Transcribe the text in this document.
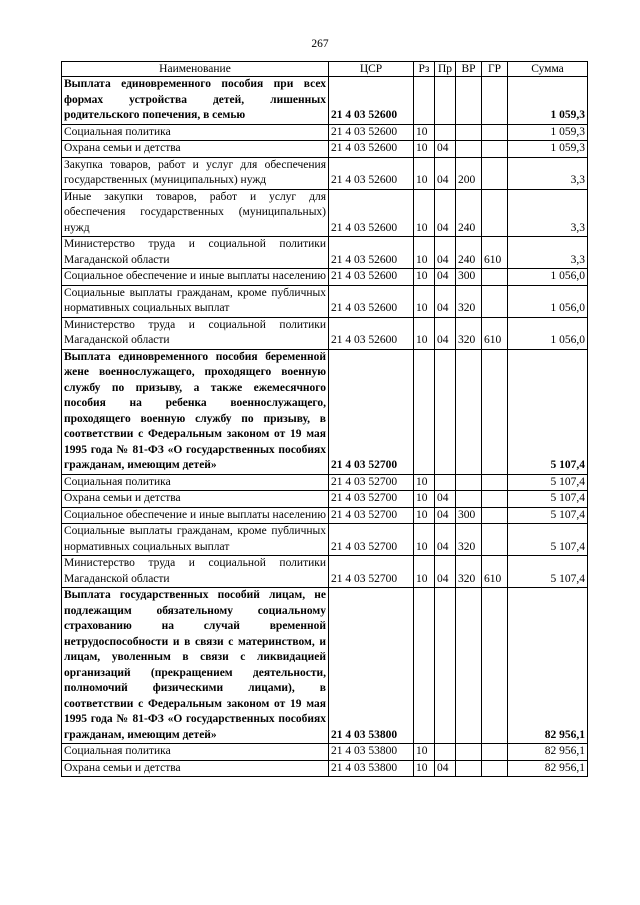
267
Наименование	ЦСР	Рз	Пр	ВР	ГР	Сумма
Выплата единовременного пособия при всех формах устройства детей, лишенных родительского попечения, в семью	21 4 03 52600					1 059,3
Социальная политика	21 4 03 52600	10				1 059,3
Охрана семьи и детства	21 4 03 52600	10	04			1 059,3
Закупка товаров, работ и услуг для обеспечения государственных (муниципальных) нужд	21 4 03 52600	10	04	200		3,3
Иные закупки товаров, работ и услуг для обеспечения государственных (муниципальных) нужд	21 4 03 52600	10	04	240		3,3
Министерство труда и социальной политики Магаданской области	21 4 03 52600	10	04	240	610	3,3
Социальное обеспечение и иные выплаты населению	21 4 03 52600	10	04	300		1 056,0
Социальные выплаты гражданам, кроме публичных нормативных социальных выплат	21 4 03 52600	10	04	320		1 056,0
Министерство труда и социальной политики Магаданской области	21 4 03 52600	10	04	320	610	1 056,0
Выплата единовременного пособия беременной жене военнослужащего, проходящего военную службу по призыву, а также ежемесячного пособия на ребенка военнослужащего, проходящего военную службу по призыву, в соответствии с Федеральным законом от 19 мая 1995 года № 81-ФЗ «О государственных пособиях гражданам, имеющим детей»	21 4 03 52700					5 107,4
Социальная политика	21 4 03 52700	10				5 107,4
Охрана семьи и детства	21 4 03 52700	10	04			5 107,4
Социальное обеспечение и иные выплаты населению	21 4 03 52700	10	04	300		5 107,4
Социальные выплаты гражданам, кроме публичных нормативных социальных выплат	21 4 03 52700	10	04	320		5 107,4
Министерство труда и социальной политики Магаданской области	21 4 03 52700	10	04	320	610	5 107,4
Выплата государственных пособий лицам, не подлежащим обязательному социальному страхованию на случай временной нетрудоспособности и в связи с материнством, и лицам, уволенным в связи с ликвидацией организаций (прекращением деятельности, полномочий физическими лицами), в соответствии с Федеральным законом от 19 мая 1995 года № 81-ФЗ «О государственных пособиях гражданам, имеющим детей»	21 4 03 53800					82 956,1
Социальная политика	21 4 03 53800	10				82 956,1
Охрана семьи и детства	21 4 03 53800	10	04			82 956,1
